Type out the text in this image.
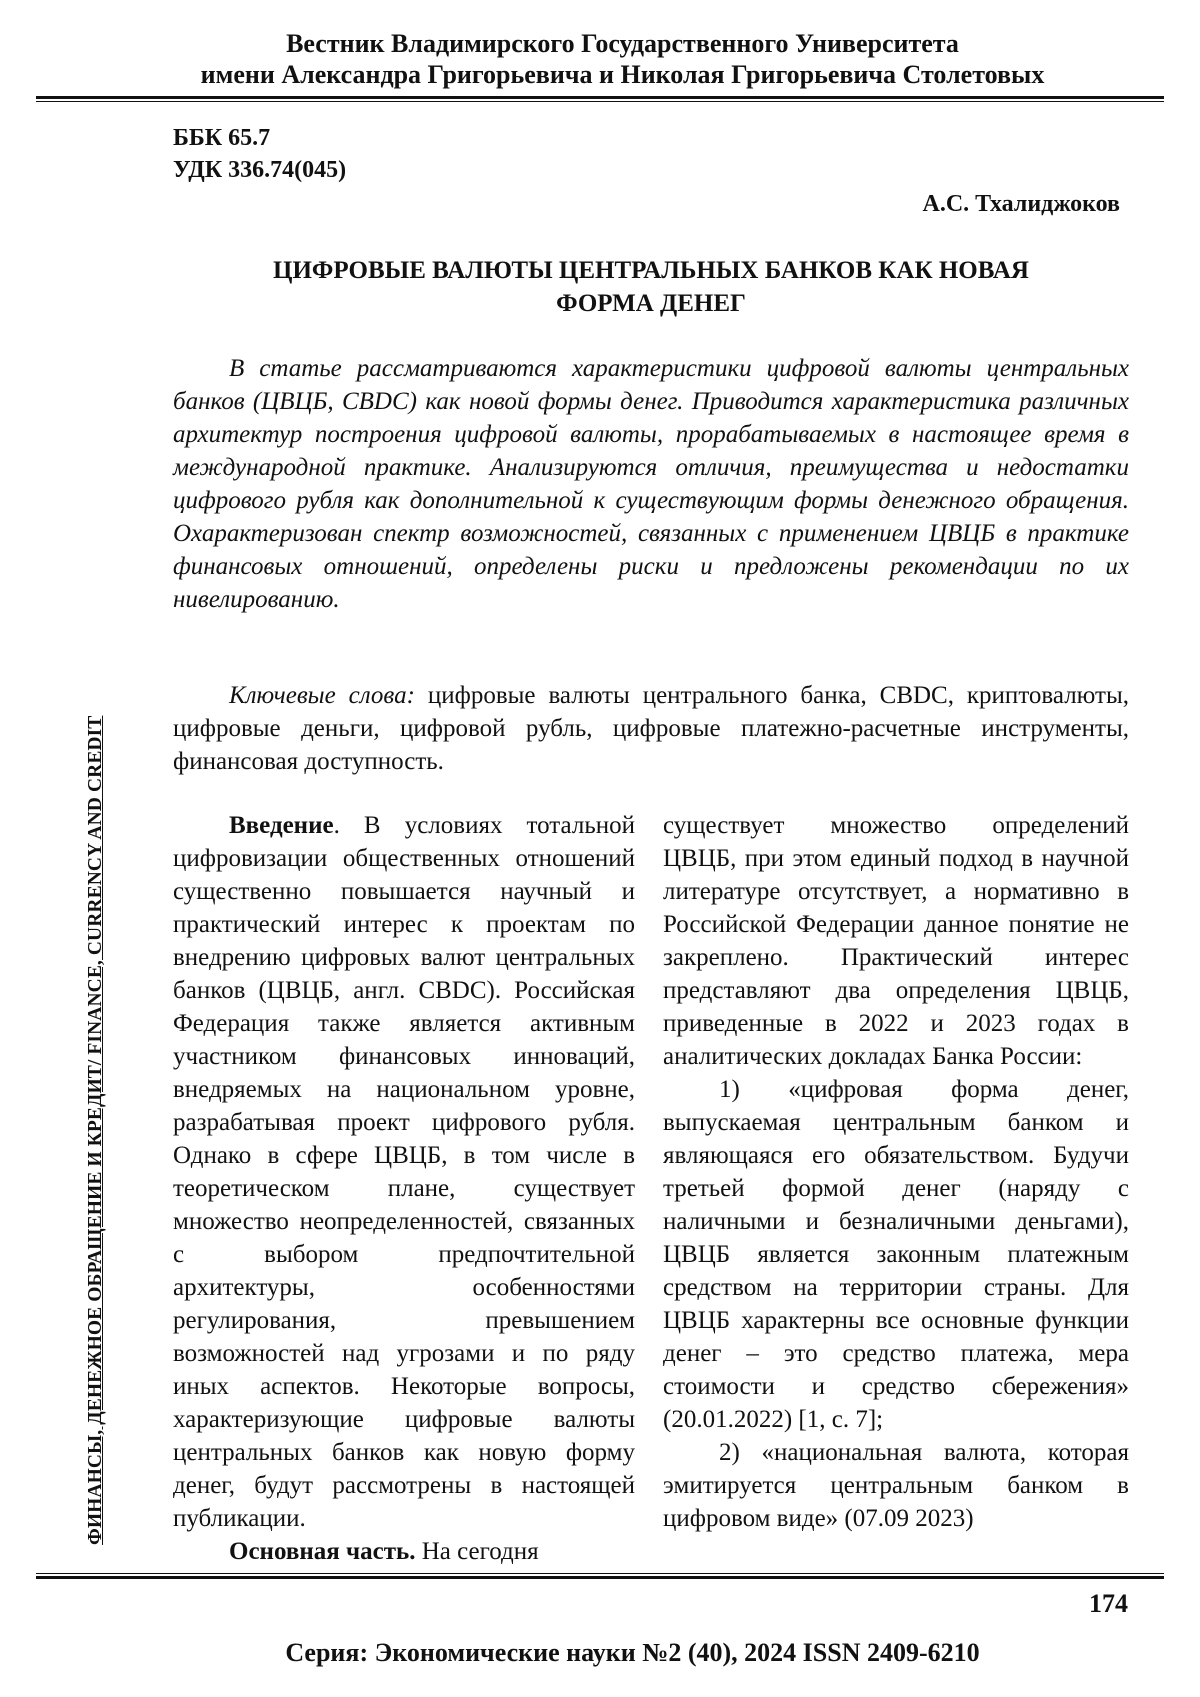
Вестник Владимирского Государственного Университета
имени Александра Григорьевича и Николая Григорьевича Столетовых
ФИНАНСЫ, ДЕНЕЖНОЕ ОБРАЩЕНИЕ И КРЕДИТ/ FINANCE, CURRENCY AND CREDIT
ББК 65.7
УДК 336.74(045)
А.С. Тхалиджоков
ЦИФРОВЫЕ ВАЛЮТЫ ЦЕНТРАЛЬНЫХ БАНКОВ КАК НОВАЯ
ФОРМА ДЕНЕГ
В статье рассматриваются характеристики цифровой валюты центральных банков (ЦВЦБ, CBDC) как новой формы денег. Приводится характеристика различных архитектур построения цифровой валюты, прорабатываемых в настоящее время в международной практике. Анализируются отличия, преимущества и недостатки цифрового рубля как дополнительной к существующим формы денежного обращения. Охарактеризован спектр возможностей, связанных с применением ЦВЦБ в практике финансовых отношений, определены риски и предложены рекомендации по их нивелированию.
Ключевые слова: цифровые валюты центрального банка, CBDC, криптовалюты, цифровые деньги, цифровой рубль, цифровые платежно-расчетные инструменты, финансовая доступность.

Введение. В условиях тотальной цифровизации общественных отношений существенно повышается научный и практический интерес к проектам по внедрению цифровых валют центральных банков (ЦВЦБ, англ. CBDC). Российская Федерация также является активным участником финансовых инноваций, внедряемых на национальном уровне, разрабатывая проект цифрового рубля. Однако в сфере ЦВЦБ, в том числе в теоретическом плане, существует множество неопределенностей, связанных с выбором предпочтительной архитектуры, особенностями регулирования, превышением возможностей над угрозами и по ряду иных аспектов. Некоторые вопросы, характеризующие цифровые валюты центральных банков как новую форму денег, будут рассмотрены в настоящей публикации.

Основная часть. На сегодня

существует множество определений ЦВЦБ, при этом единый подход в научной литературе отсутствует, а нормативно в Российской Федерации данное понятие не закреплено. Практический интерес представляют два определения ЦВЦБ, приведенные в 2022 и 2023 годах в аналитических докладах Банка России:

1) «цифровая форма денег, выпускаемая центральным банком и являющаяся его обязательством. Будучи третьей формой денег (наряду с наличными и безналичными деньгами), ЦВЦБ является законным платежным средством на территории страны. Для ЦВЦБ характерны все основные функции денег – это средство платежа, мера стоимости и средство сбережения» (20.01.2022) [1, с. 7];

2) «национальная валюта, которая эмитируется центральным банком в цифровом виде» (07.09 2023)

174
Серия: Экономические науки №2 (40), 2024 ISSN 2409-6210
